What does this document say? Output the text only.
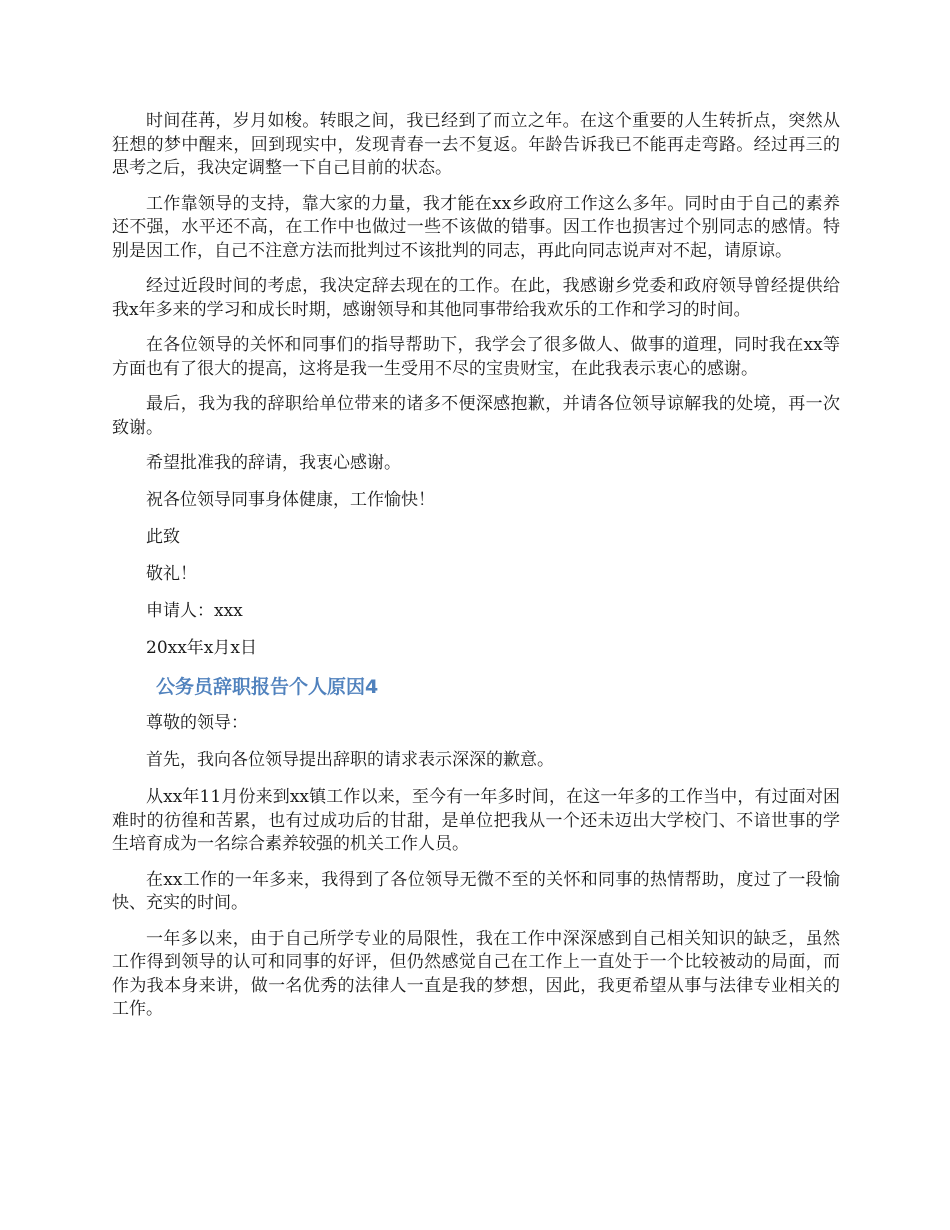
时间荏苒，岁月如梭。转眼之间，我已经到了而立之年。在这个重要的人生转折点，突然从狂想的梦中醒来，回到现实中，发现青春一去不复返。年龄告诉我已不能再走弯路。经过再三的思考之后，我决定调整一下自己目前的状态。

工作靠领导的支持，靠大家的力量，我才能在xx乡政府工作这么多年。同时由于自己的素养还不强，水平还不高，在工作中也做过一些不该做的错事。因工作也损害过个别同志的感情。特别是因工作，自己不注意方法而批判过不该批判的同志，再此向同志说声对不起，请原谅。

经过近段时间的考虑，我决定辞去现在的工作。在此，我感谢乡党委和政府领导曾经提供给我x年多来的学习和成长时期，感谢领导和其他同事带给我欢乐的工作和学习的时间。

在各位领导的关怀和同事们的指导帮助下，我学会了很多做人、做事的道理，同时我在xx等方面也有了很大的提高，这将是我一生受用不尽的宝贵财宝，在此我表示衷心的感谢。

最后，我为我的辞职给单位带来的诸多不便深感抱歉，并请各位领导谅解我的处境，再一次致谢。

希望批准我的辞请，我衷心感谢。

祝各位领导同事身体健康，工作愉快！

此致

敬礼！

申请人：xxx

20xx年x月x日

公务员辞职报告个人原因4

尊敬的领导：

首先，我向各位领导提出辞职的请求表示深深的歉意。

从xx年11月份来到xx镇工作以来，至今有一年多时间，在这一年多的工作当中，有过面对困难时的彷徨和苦累，也有过成功后的甘甜，是单位把我从一个还未迈出大学校门、不谙世事的学生培育成为一名综合素养较强的机关工作人员。

在xx工作的一年多来，我得到了各位领导无微不至的关怀和同事的热情帮助，度过了一段愉快、充实的时间。

一年多以来，由于自己所学专业的局限性，我在工作中深深感到自己相关知识的缺乏，虽然工作得到领导的认可和同事的好评，但仍然感觉自己在工作上一直处于一个比较被动的局面，而作为我本身来讲，做一名优秀的法律人一直是我的梦想，因此，我更希望从事与法律专业相关的工作。
